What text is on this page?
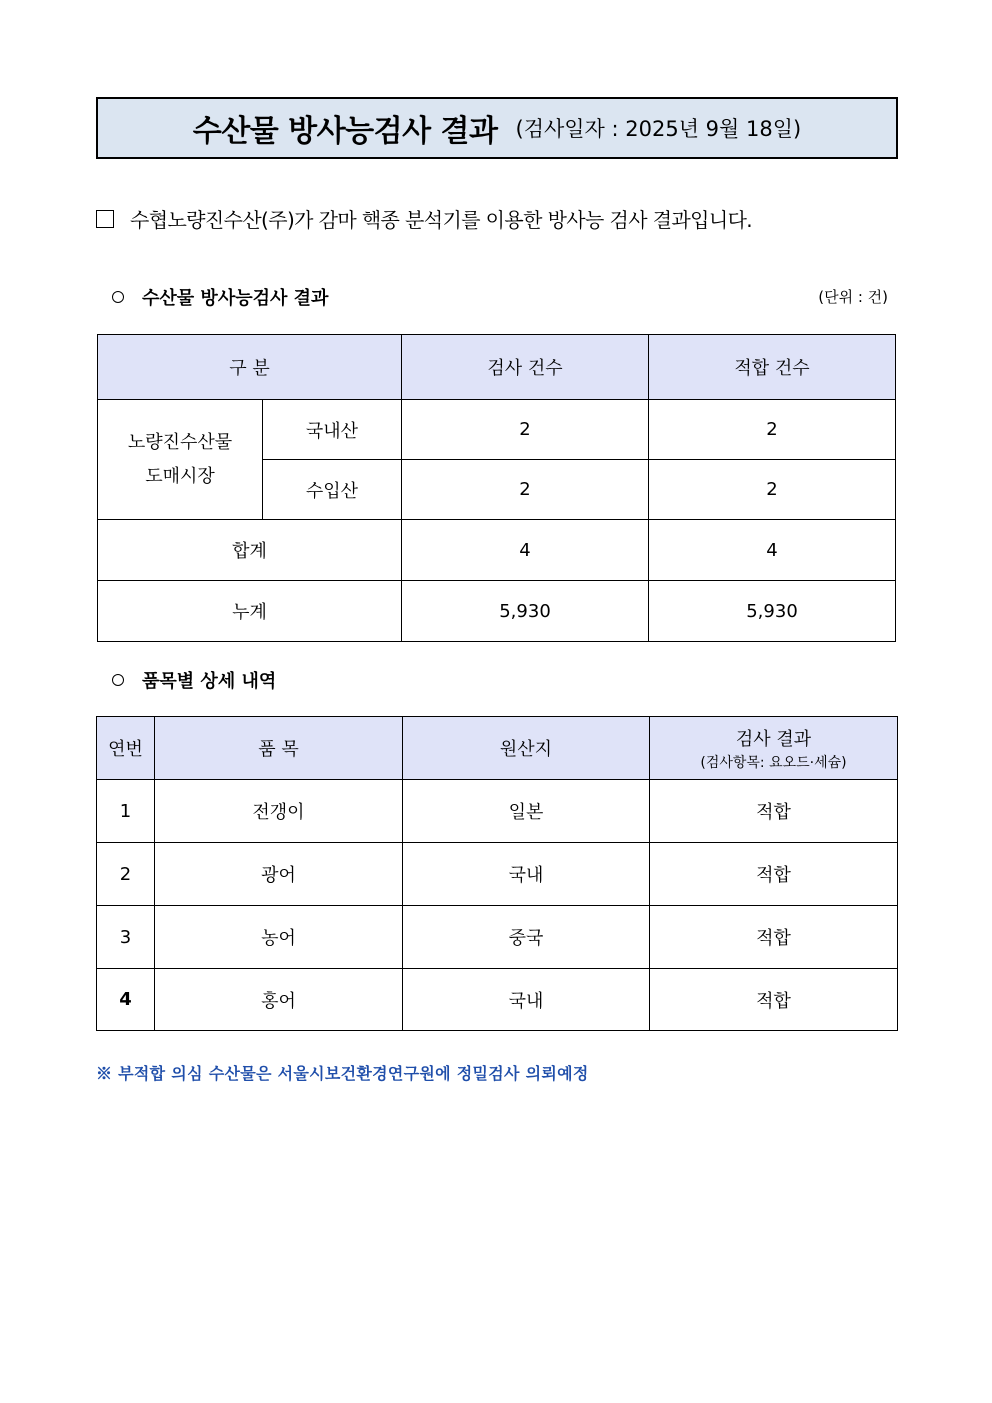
수산물 방사능검사 결과 (검사일자 : 2025년 9월 18일)
수협노량진수산(주)가 감마 핵종 분석기를 이용한 방사능 검사 결과입니다.
수산물 방사능검사 결과	(단위 : 건)
구 분		검사 건수	적합 건수
노량진수산물
도매시장	국내산	2	2
	수입산	2	2
합계		4	4
누계		5,930	5,930
품목별 상세 내역
연번	품 목	원산지	검사 결과
(검사항목: 요오드·세슘)

1	전갱이	일본	적합
2	광어	국내	적합
3	농어	중국	적합
4	홍어	국내	적합
※ 부적합 의심 수산물은 서울시보건환경연구원에 정밀검사 의뢰예정
